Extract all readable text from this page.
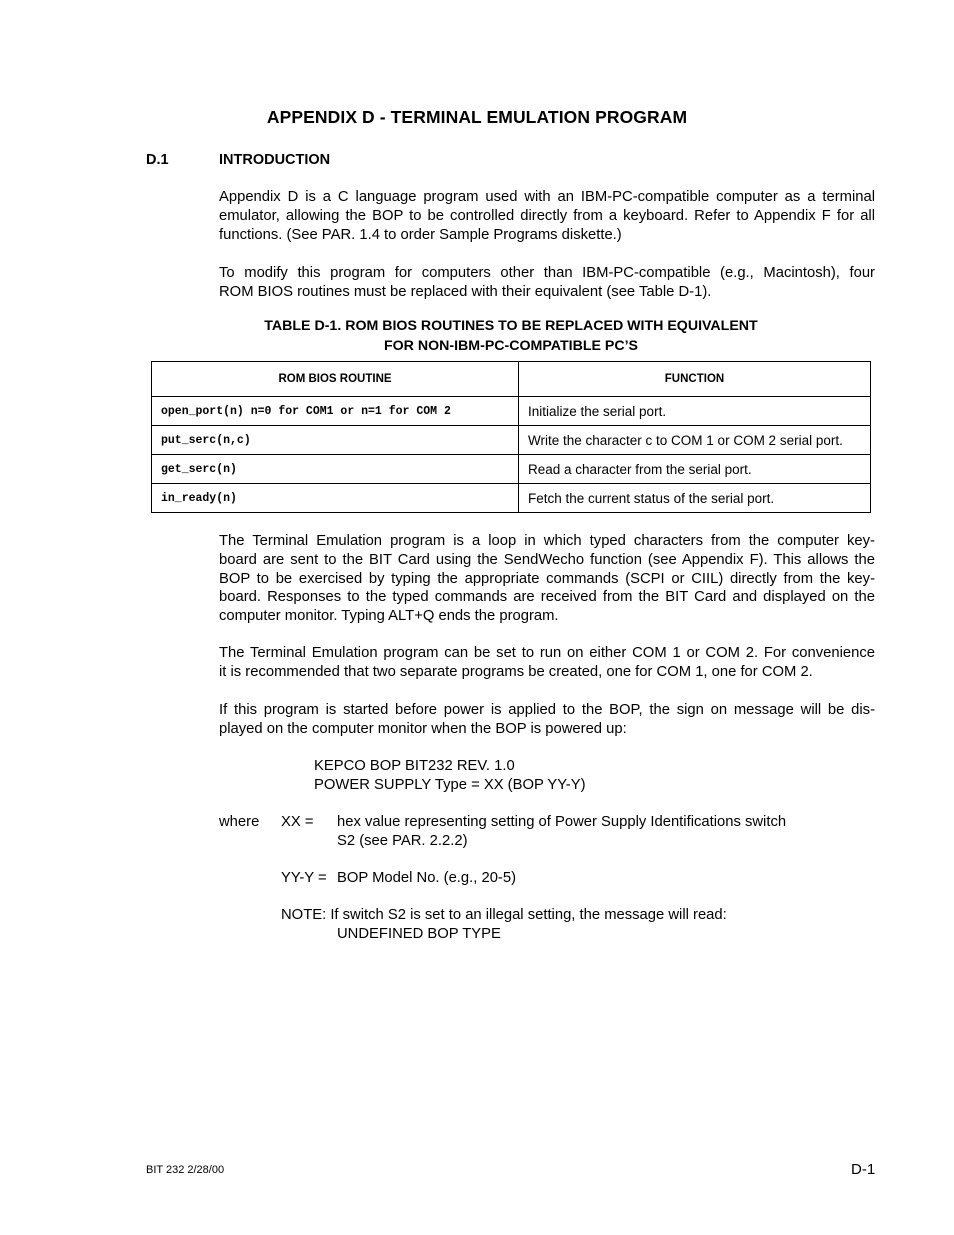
APPENDIX D - TERMINAL EMULATION PROGRAM
D.1	INTRODUCTION
Appendix D is a C language program used with an IBM-PC-compatible computer as a terminal
emulator, allowing the BOP to be controlled directly from a keyboard. Refer to Appendix F for all
functions. (See PAR. 1.4 to order Sample Programs diskette.)
To modify this program for computers other than IBM-PC-compatible (e.g., Macintosh), four
ROM BIOS routines must be replaced with their equivalent (see Table D-1).
TABLE D-1. ROM BIOS ROUTINES TO BE REPLACED WITH EQUIVALENT
FOR NON-IBM-PC-COMPATIBLE PC’S
ROM BIOS ROUTINE	FUNCTION
open_port(n) n=0 for COM1 or n=1 for COM 2	Initialize the serial port.
put_serc(n,c)	Write the character c to COM 1 or COM 2 serial port.
get_serc(n)	Read a character from the serial port.
in_ready(n)	Fetch the current status of the serial port.
The Terminal Emulation program is a loop in which typed characters from the computer key-
board are sent to the BIT Card using the SendWecho function (see Appendix F). This allows the
BOP to be exercised by typing the appropriate commands (SCPI or CIIL) directly from the key-
board. Responses to the typed commands are received from the BIT Card and displayed on the
computer monitor. Typing ALT+Q ends the program.
The Terminal Emulation program can be set to run on either COM 1 or COM 2. For convenience
it is recommended that two separate programs be created, one for COM 1, one for COM 2.
If this program is started before power is applied to the BOP, the sign on message will be dis-
played on the computer monitor when the BOP is powered up:
KEPCO BOP BIT232 REV. 1.0
POWER SUPPLY Type = XX (BOP YY-Y)
where XX = hex value representing setting of Power Supply Identifications switch
S2 (see PAR. 2.2.2)
YY-Y = BOP Model No. (e.g., 20-5)
NOTE: If switch S2 is set to an illegal setting, the message will read:
UNDEFINED BOP TYPE
BIT 232 2/28/00	D-1
